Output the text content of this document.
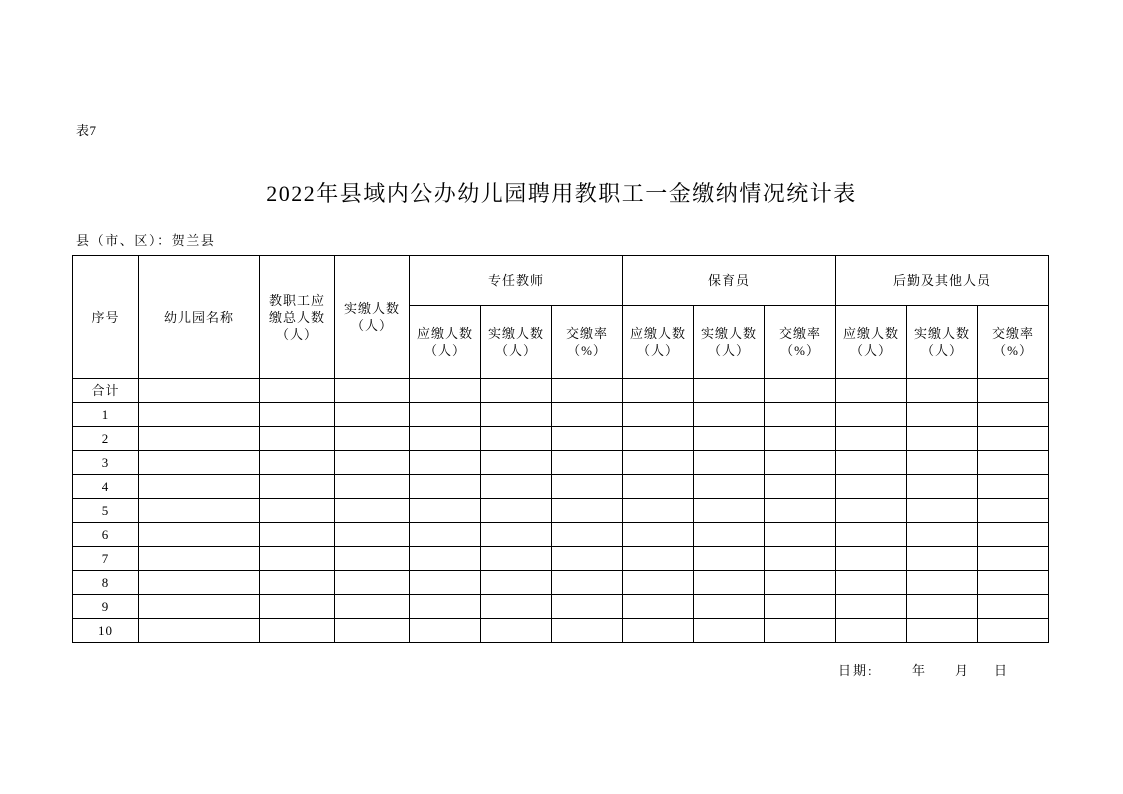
表7
2022年县域内公办幼儿园聘用教职工一金缴纳情况统计表
县（市、区）：贺兰县
序号	幼儿园名称	教职工应缴总人数（人）	实缴人数（人）	专任教师			保育员			后勤及其他人员		
				应缴人数（人）	实缴人数（人）	交缴率（%）	应缴人数（人）	实缴人数（人）	交缴率（%）	应缴人数（人）	实缴人数（人）	交缴率（%）
合计												
1												
2												
3												
4												
5												
6												
7												
8												
9												
10												
日期:	年 月 日
